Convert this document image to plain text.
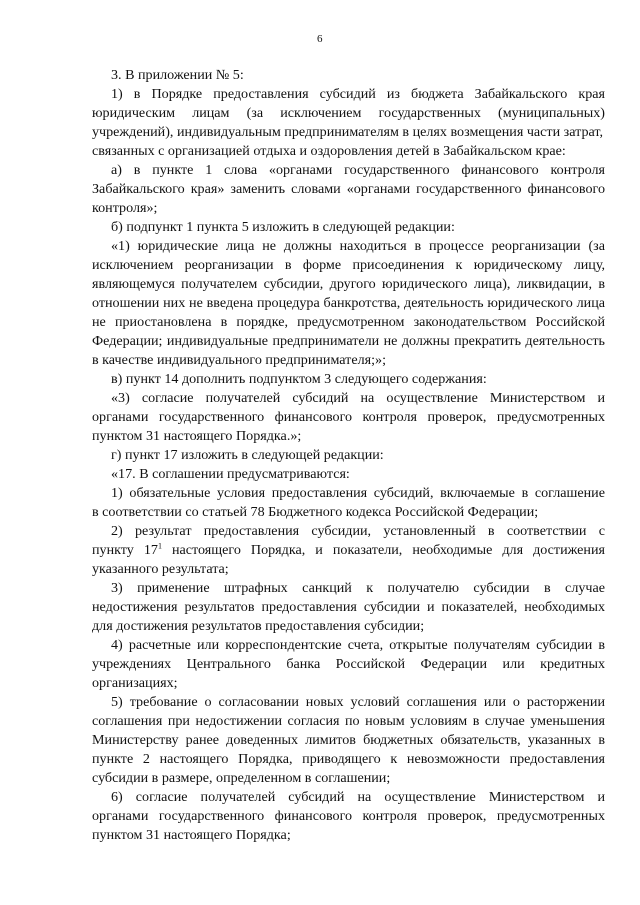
6
3. В приложении № 5:
1) в Порядке предоставления субсидий из бюджета Забайкальского края
юридическим лицам (за исключением государственных (муниципальных)
учреждений), индивидуальным предпринимателям в целях возмещения части затрат,
связанных с организацией отдыха и оздоровления детей в Забайкальском крае:
а) в пункте 1 слова «органами государственного финансового контроля
Забайкальского края» заменить словами «органами государственного финансового
контроля»;
б) подпункт 1 пункта 5 изложить в следующей редакции:
«1) юридические лица не должны находиться в процессе реорганизации (за
исключением реорганизации в форме присоединения к юридическому лицу,
являющемуся получателем субсидии, другого юридического лица), ликвидации, в
отношении них не введена процедура банкротства, деятельность юридического лица
не приостановлена в порядке, предусмотренном законодательством Российской
Федерации; индивидуальные предприниматели не должны прекратить деятельность
в качестве индивидуального предпринимателя;»;
в) пункт 14 дополнить подпунктом 3 следующего содержания:
«3) согласие получателей субсидий на осуществление Министерством и
органами государственного финансового контроля проверок, предусмотренных
пунктом 31 настоящего Порядка.»;
г) пункт 17 изложить в следующей редакции:
«17. В соглашении предусматриваются:
1) обязательные условия предоставления субсидий, включаемые в соглашение
в соответствии со статьей 78 Бюджетного кодекса Российской Федерации;
2) результат предоставления субсидии, установленный в соответствии с
пункту $17^1$ настоящего Порядка, и показатели, необходимые для достижения
указанного результата;
3) применение штрафных санкций к получателю субсидии в случае
недостижения результатов предоставления субсидии и показателей, необходимых
для достижения результатов предоставления субсидии;
4) расчетные или корреспондентские счета, открытые получателям субсидии в
учреждениях Центрального банка Российской Федерации или кредитных
организациях;
5) требование о согласовании новых условий соглашения или о расторжении
соглашения при недостижении согласия по новым условиям в случае уменьшения
Министерству ранее доведенных лимитов бюджетных обязательств, указанных в
пункте 2 настоящего Порядка, приводящего к невозможности предоставления
субсидии в размере, определенном в соглашении;
6) согласие получателей субсидий на осуществление Министерством и
органами государственного финансового контроля проверок, предусмотренных
пунктом 31 настоящего Порядка;
